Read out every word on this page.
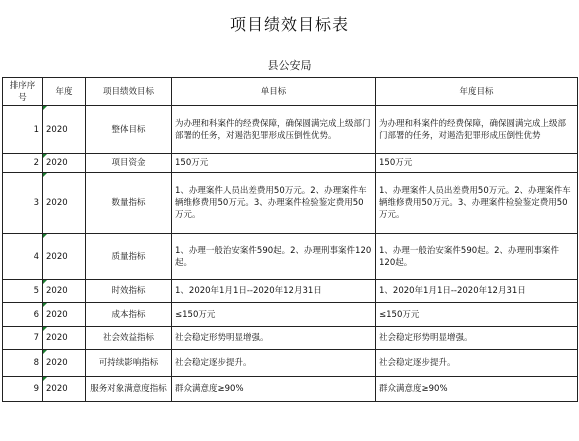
项目绩效目标表
县公安局
排序序号	年度	项目绩效目标	单目标	年度目标
1	2020	整体目标	为办理和科案件的经费保障，确保圆满完成上级部门部署的任务，对遏浩犯罪形成压倒性优势。	为办理和科案件的经费保障，确保圆满完成上级部门部署的任务，对遏浩犯罪形成压倒性优势
2	2020	项目资金	150万元	150万元
3	2020	数量指标	1、办理案件人员出差费用50万元。2、办理案件车辆维修费用50万元。3、办理案件检验鉴定费用50万元。	1、办理案件人员出差费用50万元。2、办理案件车辆维修费用50万元。3、办理案件检验鉴定费用50万元。
4	2020	质量指标	1、办理一般治安案件590起。2、办理刑事案件120起。	1、办理一般治安案件590起。2、办理刑事案件120起。
5	2020	时效指标	1、2020年1月1日--2020年12月31日	1、2020年1月1日--2020年12月31日
6	2020	成本指标	≤150万元	≤150万元
7	2020	社会效益指标	社会稳定形势明显增强。	社会稳定形势明显增强。
8	2020	可持续影响指标	社会稳定逐步提升。	社会稳定逐步提升。
9	2020	服务对象满意度指标	群众满意度≥90%	群众满意度≥90%
